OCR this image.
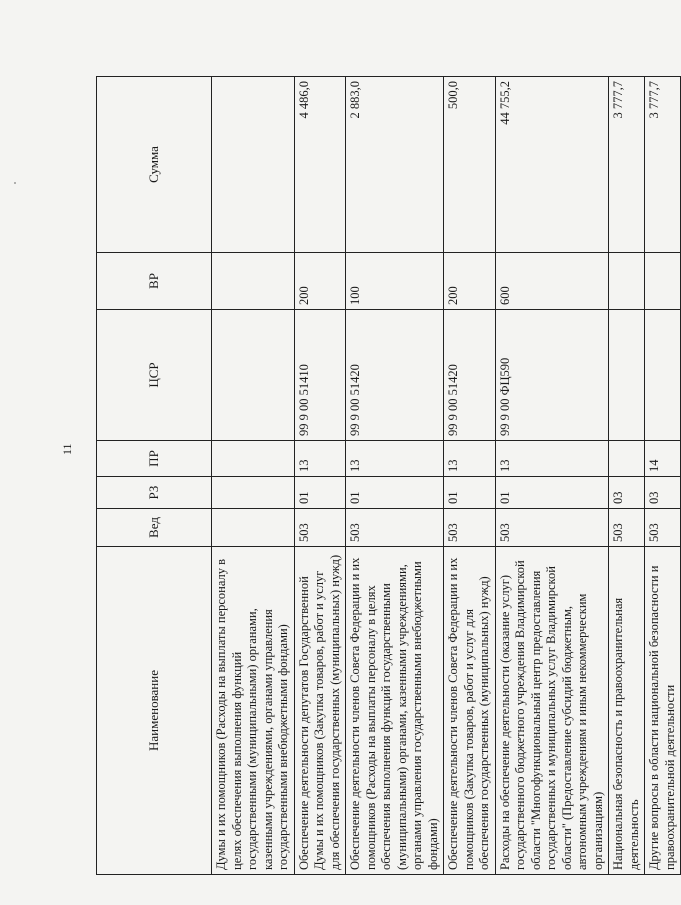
11
Наименование	Вед	РЗ	ПР	ЦСР	ВР	Сумма
Думы и их помощников (Расходы на выплаты персоналу в целях обеспечения выполнения функций государственными (муниципальными) органами, казенными учреждениями, органами управления государственными внебюджетными фондами)						
Обеспечение деятельности депутатов Государственной Думы и их помощников (Закупка товаров, работ и услуг для обеспечения государственных (муниципальных) нужд)	503	01	13	99 9 00 51410	200	4 486,0
Обеспечение деятельности членов Совета Федерации и их помощников (Расходы на выплаты персоналу в целях обеспечения выполнения функций государственными (муниципальными) органами, казенными учреждениями, органами управления государственными внебюджетными фондами)	503	01	13	99 9 00 51420	100	2 883,0
Обеспечение деятельности членов Совета Федерации и их помощников (Закупка товаров, работ и услуг для обеспечения государственных (муниципальных) нужд)	503	01	13	99 9 00 51420	200	500,0
Расходы на обеспечение деятельности (оказание услуг) государственного бюджетного учреждения Владимирской области "Многофункциональный центр предоставления государственных и муниципальных услуг Владимирской области" (Предоставление субсидий бюджетным, автономным учреждениям и иным некоммерческим организациям)	503	01	13	99 9 00 ФЦ590	600	44 755,2
Национальная безопасность и правоохранительная деятельность	503	03				3 777,7
Другие вопросы в области национальной безопасности и правоохранительной деятельности	503	03	14			3 777,7
